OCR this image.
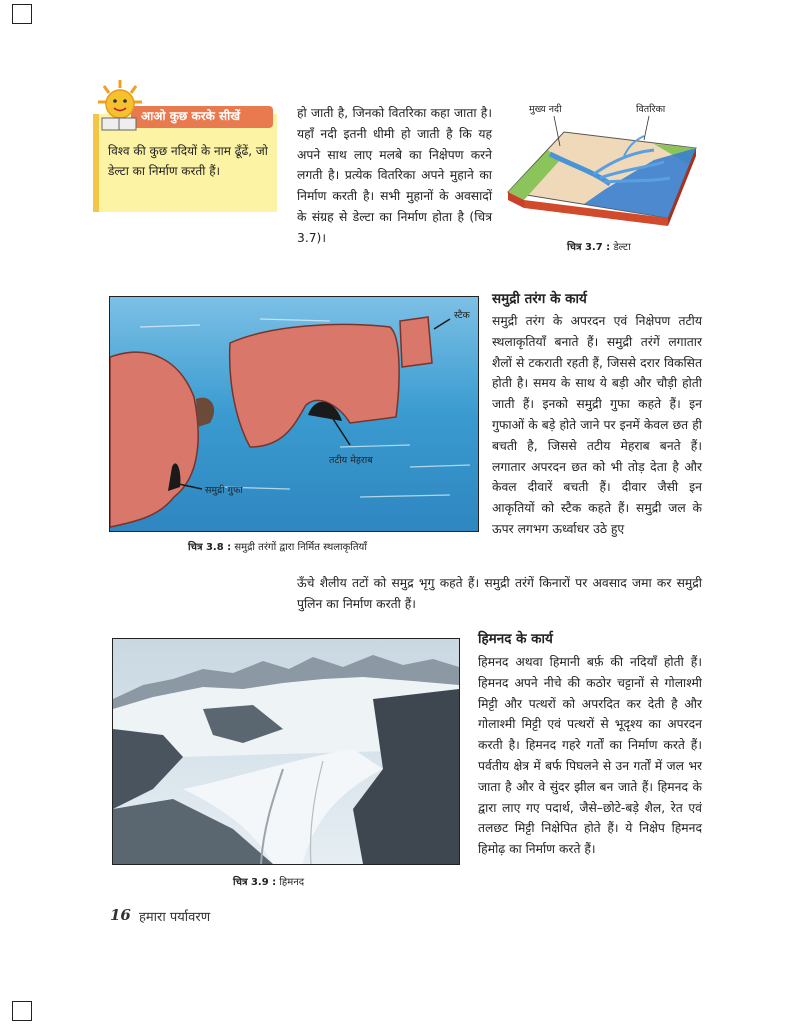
आओ कुछ करके सीखें
विश्व की कुछ नदियों के नाम ढूँढें, जो डेल्टा का निर्माण करती हैं।
हो जाती है, जिनको वितरिका कहा जाता है। यहाँ नदी इतनी धीमी हो जाती है कि यह अपने साथ लाए मलबे का निक्षेपण करने लगती है। प्रत्येक वितरिका अपने मुहाने का निर्माण करती है। सभी मुहानों के अवसादों के संग्रह से डेल्टा का निर्माण होता है (चित्र 3.7)।
मुख्य नदी	वितरिका
चित्र 3.7 : डेल्टा
समुद्री तरंग के कार्य
समुद्री तरंग के अपरदन एवं निक्षेपण तटीय स्थलाकृतियाँ बनाते हैं। समुद्री तरंगें लगातार शैलों से टकराती रहती हैं, जिससे दरार विकसित होती है। समय के साथ ये बड़ी और चौड़ी होती जाती हैं। इनको समुद्री गुफा कहते हैं। इन गुफाओं के बड़े होते जाने पर इनमें केवल छत ही बचती है, जिससे तटीय मेहराब बनते हैं। लगातार अपरदन छत को भी तोड़ देता है और केवल दीवारें बचती हैं। दीवार जैसी इन आकृतियों को स्टैक कहते हैं। समुद्री जल के ऊपर लगभग ऊर्ध्वाधर उठे हुए
ऊँचे शैलीय तटों को समुद्र भृगु कहते हैं। समुद्री तरंगें किनारों पर अवसाद जमा कर समुद्री पुलिन का निर्माण करती हैं।
स्टैक
तटीय मेहराब
समुद्री गुफा
चित्र 3.8 : समुद्री तरंगों द्वारा निर्मित स्थलाकृतियाँ
हिमनद के कार्य
हिमनद अथवा हिमानी बर्फ़ की नदियाँ होती हैं। हिमनद अपने नीचे की कठोर चट्टानों से गोलाश्मी मिट्टी और पत्थरों को अपरदित कर देती है और गोलाश्मी मिट्टी एवं पत्थरों से भूदृश्य का अपरदन करती है। हिमनद गहरे गर्तों का निर्माण करते हैं। पर्वतीय क्षेत्र में बर्फ पिघलने से उन गर्तों में जल भर जाता है और वे सुंदर झील बन जाते हैं। हिमनद के द्वारा लाए गए पदार्थ, जैसे–छोटे-बड़े शैल, रेत एवं तलछट मिट्टी निक्षेपित होते हैं। ये निक्षेप हिमनद हिमोढ़ का निर्माण करते हैं।
चित्र 3.9 : हिमनद
16 हमारा पर्यावरण
